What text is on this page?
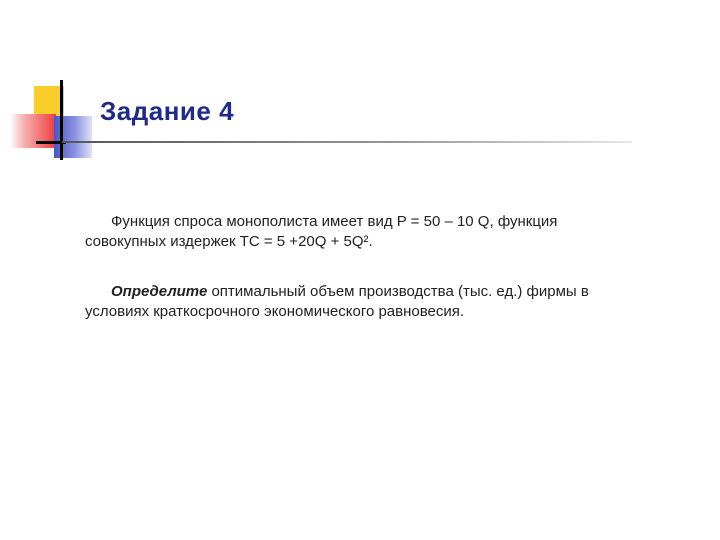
Задание 4

Функция спроса монополиста имеет вид P = 50 – 10 Q, функция
совокупных издержек TC = 5 +20Q + 5Q².

Определите оптимальный объем производства (тыс. ед.) фирмы в
условиях краткосрочного экономического равновесия.
